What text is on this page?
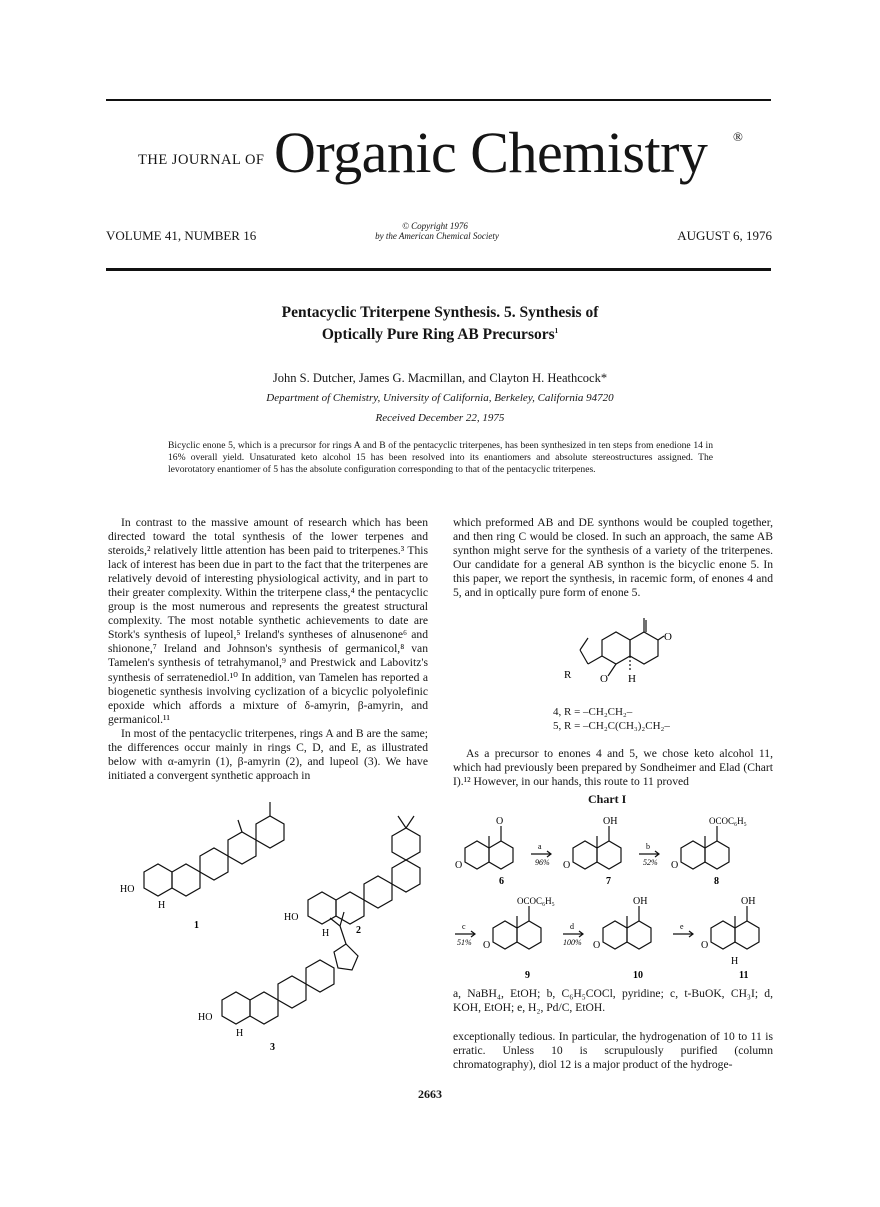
THE JOURNAL OF Organic Chemistry ®
VOLUME 41, NUMBER 16
© Copyright 1976
by the American Chemical Society	AUGUST 6, 1976
Pentacyclic Triterpene Synthesis. 5. Synthesis of
Optically Pure Ring AB Precursors$^1$
John S. Dutcher, James G. Macmillan, and Clayton H. Heathcock*
Department of Chemistry, University of California, Berkeley, California 94720
Received December 22, 1975
Bicyclic enone 5, which is a precursor for rings A and B of the pentacyclic triterpenes, has been synthesized in ten steps from enedione 14 in 16% overall yield. Unsaturated keto alcohol 15 has been resolved into its enantiomers and absolute stereostructures assigned. The levorotatory enantiomer of 5 has the absolute configuration corresponding to that of the pentacyclic triterpenes.

In contrast to the massive amount of research which has been directed toward the total synthesis of the lower terpenes and steroids,² relatively little attention has been paid to triterpenes.³ This lack of interest has been due in part to the fact that the triterpenes are relatively devoid of interesting physiological activity, and in part to their greater complexity. Within the triterpene class,⁴ the pentacyclic group is the most numerous and represents the greatest structural complexity. The most notable synthetic achievements to date are Stork's synthesis of lupeol,⁵ Ireland's syntheses of alnusenone⁶ and shionone,⁷ Ireland and Johnson's synthesis of germanicol,⁸ van Tamelen's synthesis of tetrahymanol,⁹ and Prestwick and Labovitz's synthesis of serratenediol.¹⁰ In addition, van Tamelen has reported a biogenetic synthesis involving cyclization of a bicyclic polyolefinic epoxide which affords a mixture of δ-amyrin, β-amyrin, and germanicol.¹¹

In most of the pentacyclic triterpenes, rings A and B are the same; the differences occur mainly in rings C, D, and E, as illustrated below with α-amyrin (1), β-amyrin (2), and lupeol (3). We have initiated a convergent synthetic approach in

which preformed AB and DE synthons would be coupled together, and then ring C would be closed. In such an approach, the same AB synthon might serve for the synthesis of a variety of the triterpenes. Our candidate for a general AB synthon is the bicyclic enone 5. In this paper, we report the synthesis, in racemic form, of enones 4 and 5, and in optically pure form of enone 5.

O
R	O H
4, R = –CH₂CH₂–
5, R = –CH₂C(CH₃)₂CH₂–

As a precursor to enones 4 and 5, we chose keto alcohol 11, which had previously been prepared by Sondheimer and Elad (Chart I).¹² However, in our hands, this route to 11 proved

Chart I
a
96%
b
52%
c
51%
d
100%
e
O
O
OH
O
OCOC₆H₅
O
OCOC₆H₅
O
OH
O
OH
O
H
6	7	8
9	10	11
a, NaBH₄, EtOH; b, C₆H₅COCl, pyridine; c, t-BuOK, CH₃I; d, KOH, EtOH; e, H₂, Pd/C, EtOH.

exceptionally tedious. In particular, the hydrogenation of 10 to 11 is erratic. Unless 10 is scrupulously purified (column chromatography), diol 12 is a major product of the hydroge-

HO
H
HO
H
HO
H
1	2
3
2663
